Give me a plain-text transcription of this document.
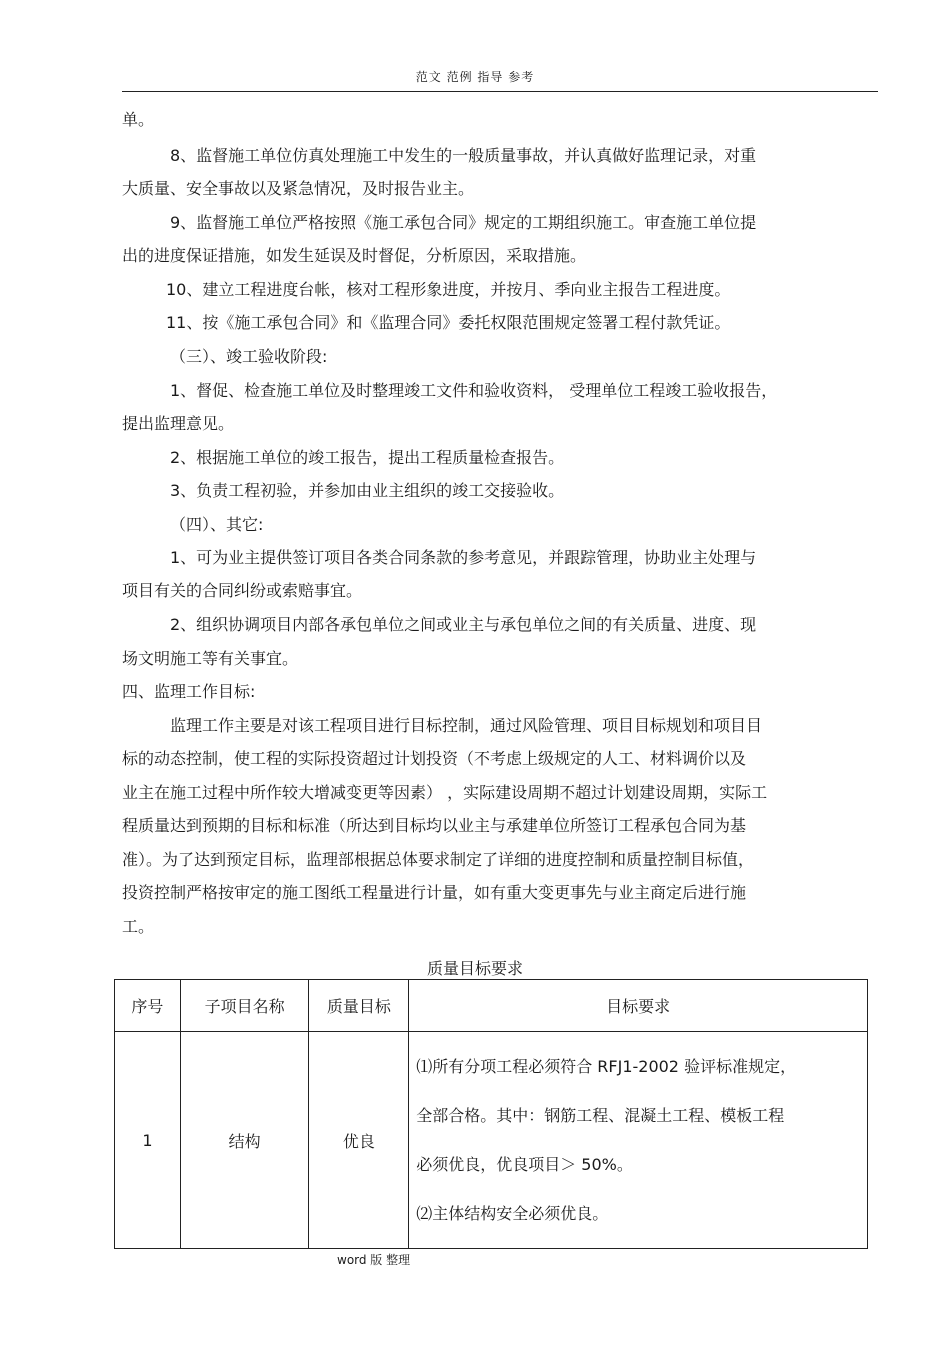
范文 范例 指导 参考
单。
8、监督施工单位仿真处理施工中发生的一般质量事故，并认真做好监理记录，对重
大质量、安全事故以及紧急情况，及时报告业主。
9、监督施工单位严格按照《施工承包合同》规定的工期组织施工。审查施工单位提
出的进度保证措施，如发生延误及时督促，分析原因，采取措施。
10、建立工程进度台帐，核对工程形象进度，并按月、季向业主报告工程进度。
11、按《施工承包合同》和《监理合同》委托权限范围规定签署工程付款凭证。
（三）、竣工验收阶段:
1、督促、检查施工单位及时整理竣工文件和验收资料， 受理单位工程竣工验收报告，
提出监理意见。
2、根据施工单位的竣工报告，提出工程质量检查报告。
3、负责工程初验，并参加由业主组织的竣工交接验收。
（四）、其它:
1、可为业主提供签订项目各类合同条款的参考意见，并跟踪管理，协助业主处理与
项目有关的合同纠纷或索赔事宜。
2、组织协调项目内部各承包单位之间或业主与承包单位之间的有关质量、进度、现
场文明施工等有关事宜。
四、监理工作目标:
监理工作主要是对该工程项目进行目标控制，通过风险管理、项目目标规划和项目目
标的动态控制，使工程的实际投资超过计划投资（不考虑上级规定的人工、材料调价以及
业主在施工过程中所作较大增减变更等因素） ，实际建设周期不超过计划建设周期，实际工
程质量达到预期的目标和标准（所达到目标均以业主与承建单位所签订工程承包合同为基
准）。为了达到预定目标，监理部根据总体要求制定了详细的进度控制和质量控制目标值，
投资控制严格按审定的施工图纸工程量进行计量，如有重大变更事先与业主商定后进行施
工。
质量目标要求
序号	子项目名称	质量目标	目标要求
1	结构	优良	⑴所有分项工程必须符合 RFJ1-2002 验评标准规定，

全部合格。其中：钢筋工程、混凝土工程、模板工程

必须优良，优良项目＞ 50%。

⑵主体结构安全必须优良。

word 版 整理
